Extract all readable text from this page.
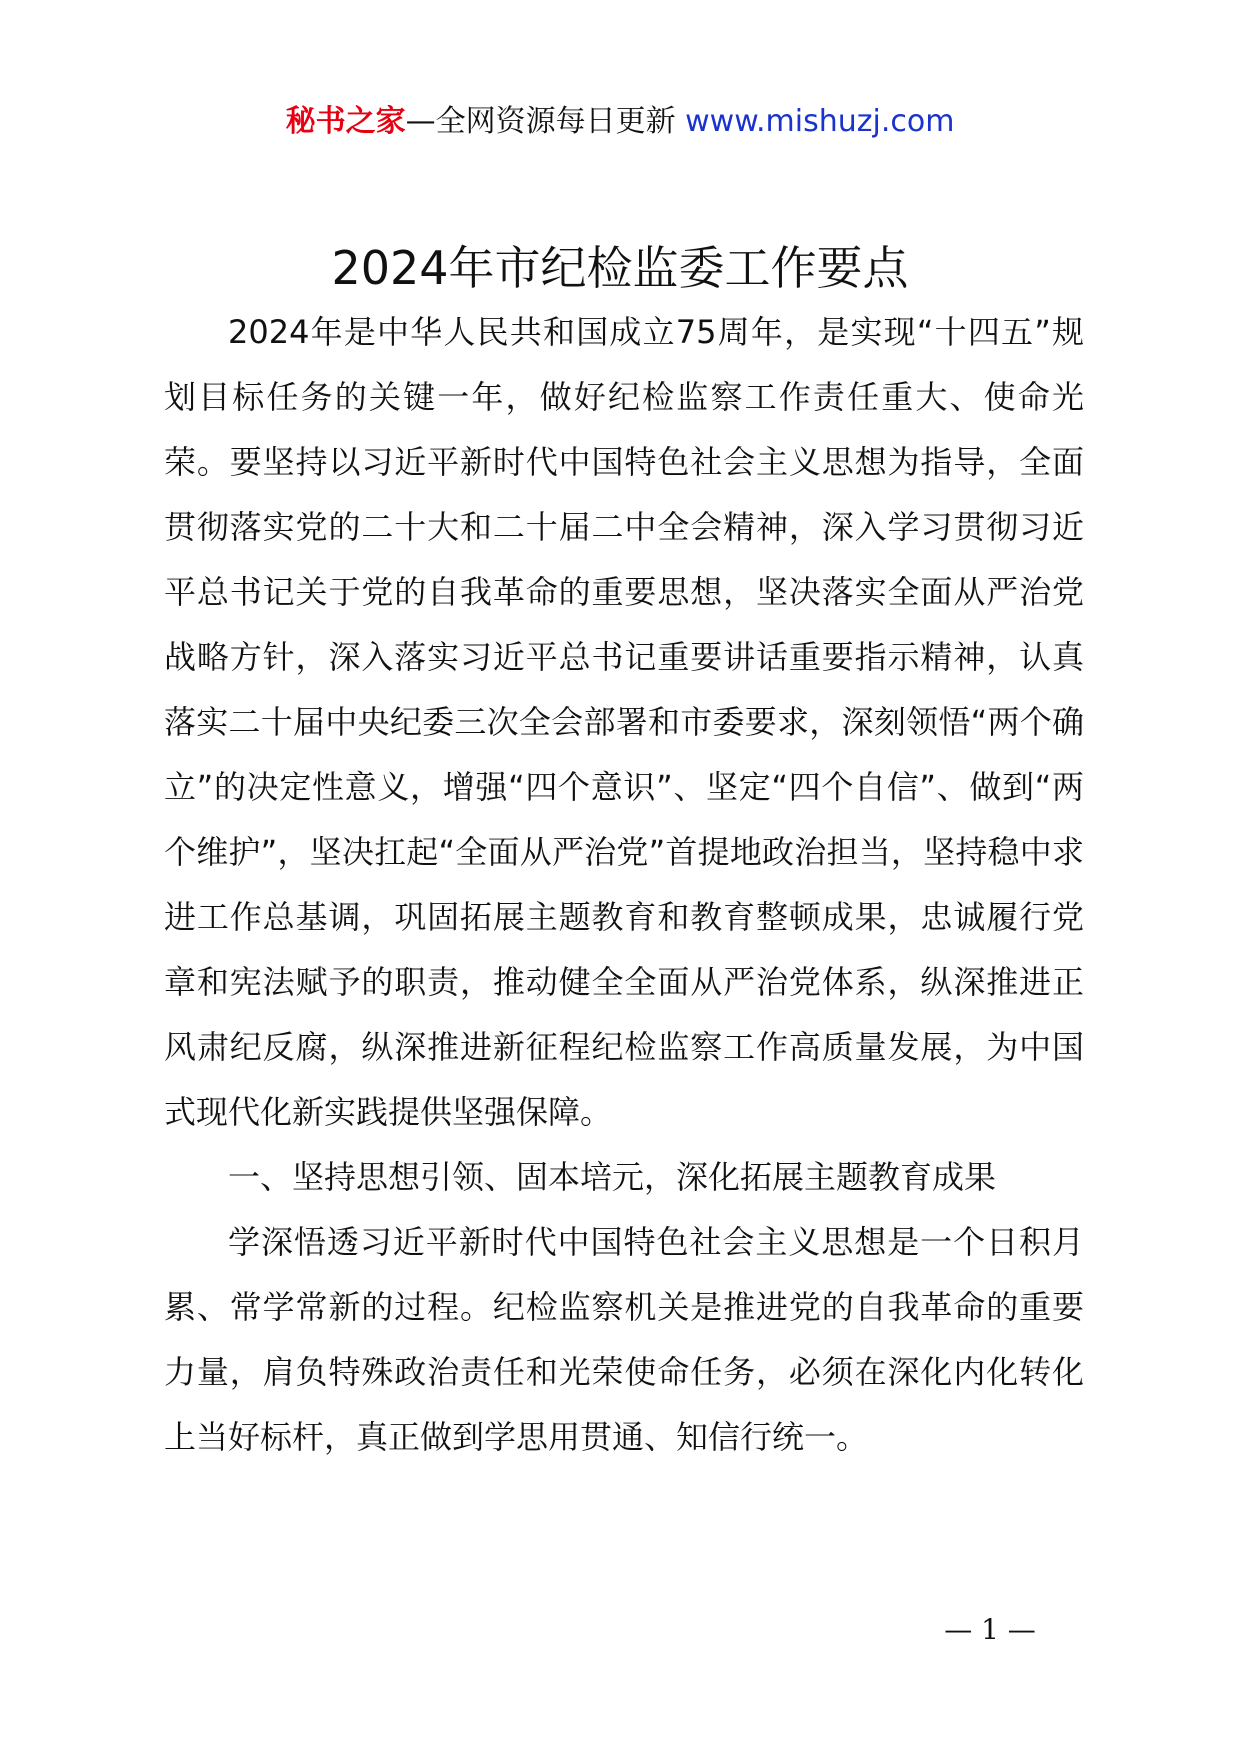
秘书之家—全网资源每日更新 www.mishuzj.com
2024年市纪检监委工作要点

2024年是中华人民共和国成立75周年，是实现“十四五”规划目标任务的关键一年，做好纪检监察工作责任重大、使命光荣。要坚持以习近平新时代中国特色社会主义思想为指导，全面贯彻落实党的二十大和二十届二中全会精神，深入学习贯彻习近平总书记关于党的自我革命的重要思想，坚决落实全面从严治党战略方针，深入落实习近平总书记重要讲话重要指示精神，认真落实二十届中央纪委三次全会部署和市委要求，深刻领悟“两个确立”的决定性意义，增强“四个意识”、坚定“四个自信”、做到“两个维护”，坚决扛起“全面从严治党”首提地政治担当，坚持稳中求进工作总基调，巩固拓展主题教育和教育整顿成果，忠诚履行党章和宪法赋予的职责，推动健全全面从严治党体系，纵深推进正风肃纪反腐，纵深推进新征程纪检监察工作高质量发展，为中国式现代化新实践提供坚强保障。

一、坚持思想引领、固本培元，深化拓展主题教育成果

学深悟透习近平新时代中国特色社会主义思想是一个日积月累、常学常新的过程。纪检监察机关是推进党的自我革命的重要力量，肩负特殊政治责任和光荣使命任务，必须在深化内化转化上当好标杆，真正做到学思用贯通、知信行统一。

— 1 —
